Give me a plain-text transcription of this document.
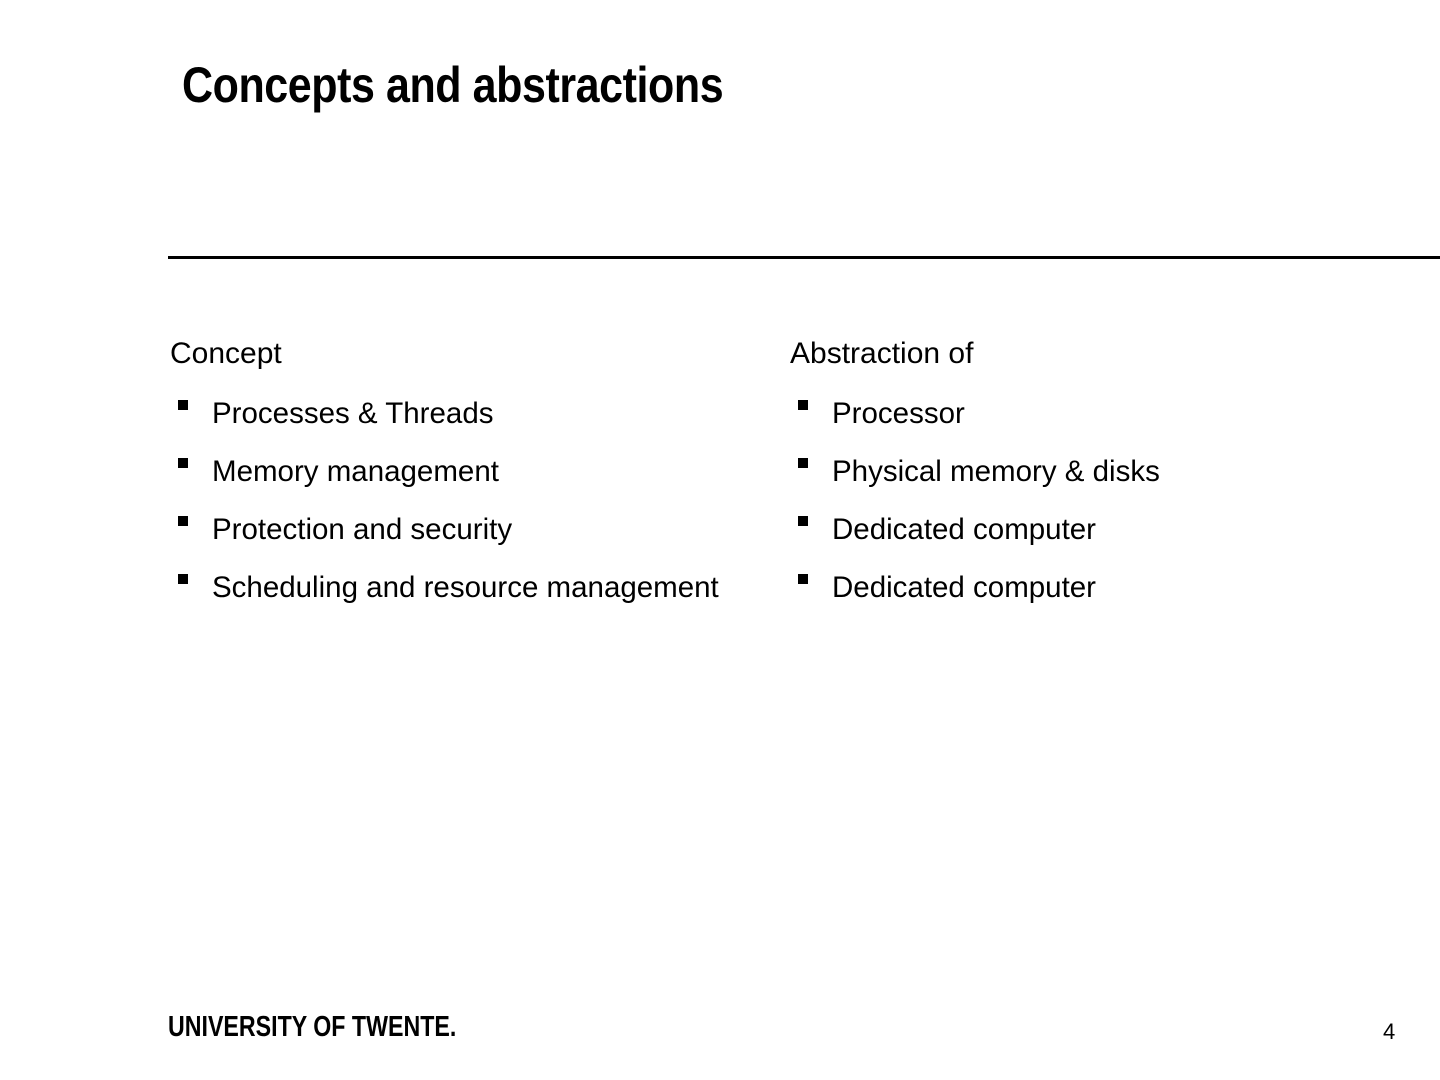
Concepts and abstractions
Concept
Processes & Threads
Memory management
Protection and security
Scheduling and resource management
Abstraction of
Processor
Physical memory & disks
Dedicated computer
Dedicated computer
UNIVERSITY OF TWENTE.	4
